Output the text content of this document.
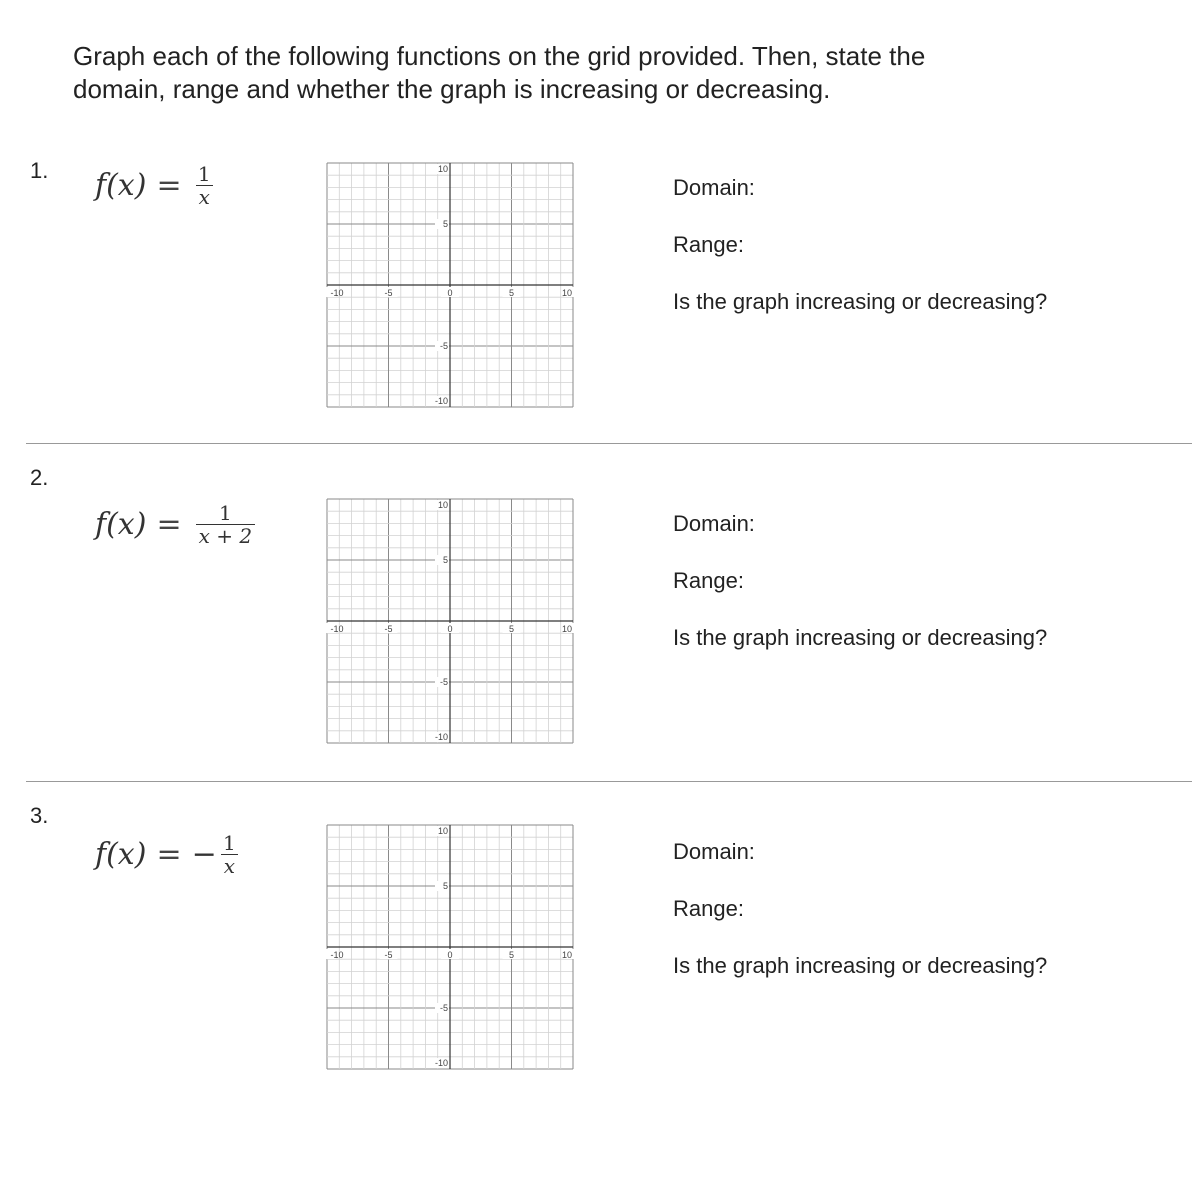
Graph each of the following functions on the grid provided. Then, state the
domain, range and whether the graph is increasing or decreasing.
1. $f(x) = \frac{1}{x}$
-10	-5	0	5	10
10
5
-5
-10
Domain:
Range:
Is the graph increasing or decreasing?
2.
$f(x) = \frac{1}{x + 2}$
-10	-5	0	5	10
10
5
-5
-10
Domain:
Range:
Is the graph increasing or decreasing?
3.
f(x) = − $\frac{1}{x}$
-10	-5	0	5	10
10
5
-5
-10
Domain:
Range:
Is the graph increasing or decreasing?
